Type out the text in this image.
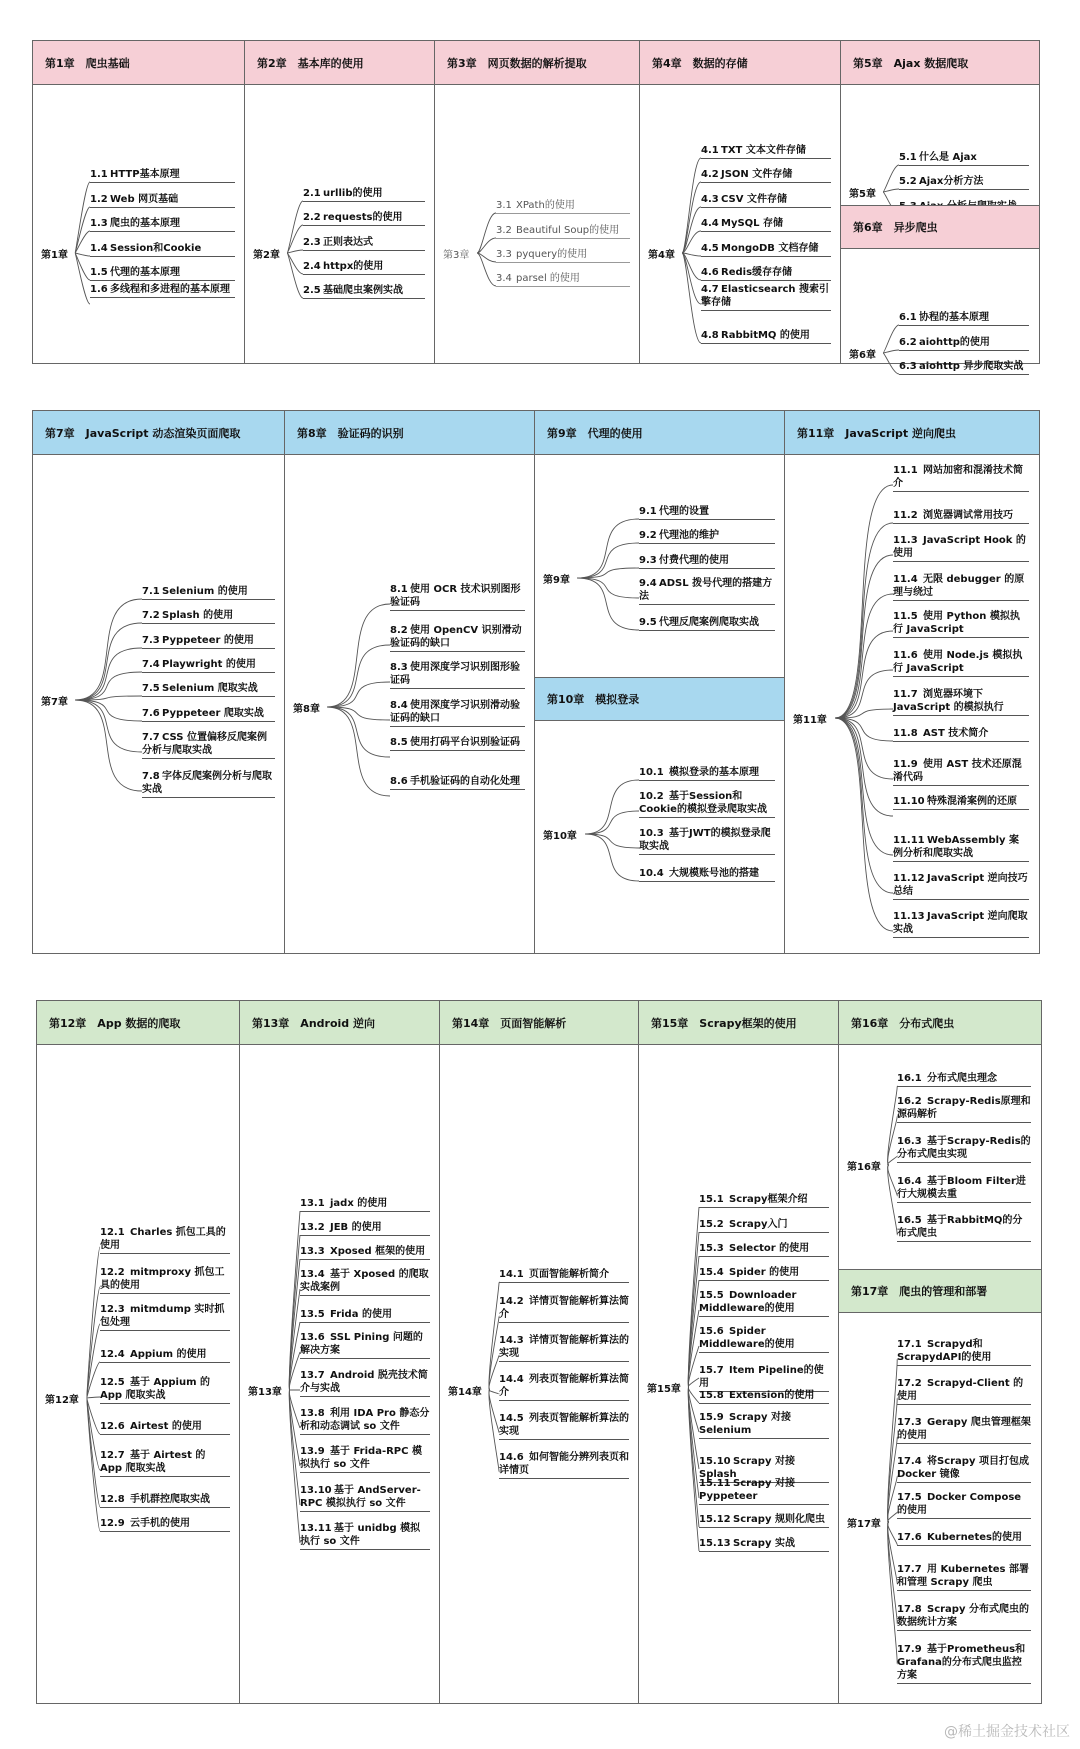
第1章　爬虫基础
第1章
1.1 HTTP基本原理
1.2 Web 网页基础
1.3 爬虫的基本原理
1.4 Session和Cookie
1.5 代理的基本原理
1.6 多线程和多进程的基本原理
第2章　基本库的使用
第2章
2.1 urllib的使用
2.2 requests的使用
2.3 正则表达式
2.4 httpx的使用
2.5 基础爬虫案例实战
第3章　网页数据的解析提取
第3章
3.1 XPath的使用
3.2 Beautiful Soup的使用
3.3 pyquery的使用
3.4 parsel 的使用
第4章　数据的存储
第4章
4.1 TXT 文本文件存储
4.2 JSON 文件存储
4.3 CSV 文件存储
4.4 MySQL 存储
4.5 MongoDB 文档存储
4.6 Redis缓存存储
4.7 Elasticsearch 搜索引擎存储
4.8 RabbitMQ 的使用
第5章　Ajax 数据爬取
第5章
5.1 什么是 Ajax
5.2 Ajax分析方法
第6章　异步爬虫
第6章
6.1 协程的基本原理
6.2 aiohttp的使用
6.3 aiohttp 异步爬取实战
第7章　JavaScript 动态渲染页面爬取
第7章
7.1 Selenium 的使用
7.2 Splash 的使用
7.3 Pyppeteer 的使用
7.4 Playwright 的使用
7.5 Selenium 爬取实战
7.6 Pyppeteer 爬取实战
7.7 CSS 位置偏移反爬案例分析与爬取实战
7.8 字体反爬案例分析与爬取实战
第8章　验证码的识别
第8章
8.1 使用 OCR 技术识别图形验证码
8.2 使用 OpenCV 识别滑动验证码的缺口
8.3 使用深度学习识别图形验证码
8.4 使用深度学习识别滑动验证码的缺口
8.5 使用打码平台识别验证码
8.6 手机验证码的自动化处理
第9章　代理的使用
第9章
9.1 代理的设置
9.2 代理池的维护
9.3 付费代理的使用
9.4 ADSL 拨号代理的搭建方法
9.5 代理反爬案例爬取实战
第10章　模拟登录
第10章
10.1 模拟登录的基本原理
10.2 基于Session和Cookie的模拟登录爬取实战
10.3 基于JWT的模拟登录爬取实战
10.4 大规模账号池的搭建
第11章　JavaScript 逆向爬虫
第11章
11.1 网站加密和混淆技术简介
11.2 浏览器调试常用技巧
11.3 JavaScript Hook 的使用
11.4 无限 debugger 的原理与绕过
11.5 使用 Python 模拟执行 JavaScript
11.6 使用 Node.js 模拟执行 JavaScript
11.7 浏览器环境下 JavaScript 的模拟执行
11.8 AST 技术简介
11.9 使用 AST 技术还原混淆代码
11.10 特殊混淆案例的还原
11.11 WebAssembly 案例分析和爬取实战
11.12 JavaScript 逆向技巧总结
11.13 JavaScript 逆向爬取实战
第12章　App 数据的爬取
第12章
12.1 Charles 抓包工具的使用
12.2 mitmproxy 抓包工具的使用
12.3 mitmdump 实时抓包处理
12.4 Appium 的使用
12.5 基于 Appium 的 App 爬取实战
12.6 Airtest 的使用
12.7 基于 Airtest 的 App 爬取实战
12.8 手机群控爬取实战
12.9 云手机的使用
第13章　Android 逆向
第13章
13.1 jadx 的使用
13.2 JEB 的使用
13.3 Xposed 框架的使用
13.4 基于 Xposed 的爬取实战案例
13.5 Frida 的使用
13.6 SSL Pining 问题的解决方案
13.7 Android 脱壳技术简介与实战
13.8 利用 IDA Pro 静态分析和动态调试 so 文件
13.9 基于 Frida-RPC 模拟执行 so 文件
13.10 基于 AndServer-RPC 模拟执行 so 文件
13.11 基于 unidbg 模拟执行 so 文件
第14章　页面智能解析
第14章
14.1 页面智能解析简介
14.2 详情页智能解析算法简介
14.3 详情页智能解析算法的实现
14.4 列表页智能解析算法简介
14.5 列表页智能解析算法的实现
14.6 如何智能分辨列表页和详情页
第15章　Scrapy框架的使用
第15章
15.1 Scrapy框架介绍
15.2 Scrapy入门
15.3 Selector 的使用
15.4 Spider 的使用
15.5 Downloader Middleware的使用
15.6 Spider Middleware的使用
15.7 Item Pipeline的使用
15.8 Extension的使用
15.9 Scrapy 对接 Selenium
15.10 Scrapy 对接 Splash
15.11 Scrapy 对接 Pyppeteer
15.12 Scrapy 规则化爬虫
15.13 Scrapy 实战
第16章　分布式爬虫
第16章
16.1 分布式爬虫理念
16.2 Scrapy-Redis原理和源码解析
16.3 基于Scrapy-Redis的分布式爬虫实现
16.4 基于Bloom Filter进行大规模去重
16.5 基于RabbitMQ的分布式爬虫
第17章　爬虫的管理和部署
第17章
17.1 Scrapyd和ScrapydAPI的使用
17.2 Scrapyd-Client 的使用
17.3 Gerapy 爬虫管理框架的使用
17.4 将Scrapy 项目打包成 Docker 镜像
17.5 Docker Compose 的使用
17.6 Kubernetes的使用
17.7 用 Kubernetes 部署和管理 Scrapy 爬虫
17.8 Scrapy 分布式爬虫的数据统计方案
17.9 基于Prometheus和Grafana的分布式爬虫监控方案
@稀土掘金技术社区
